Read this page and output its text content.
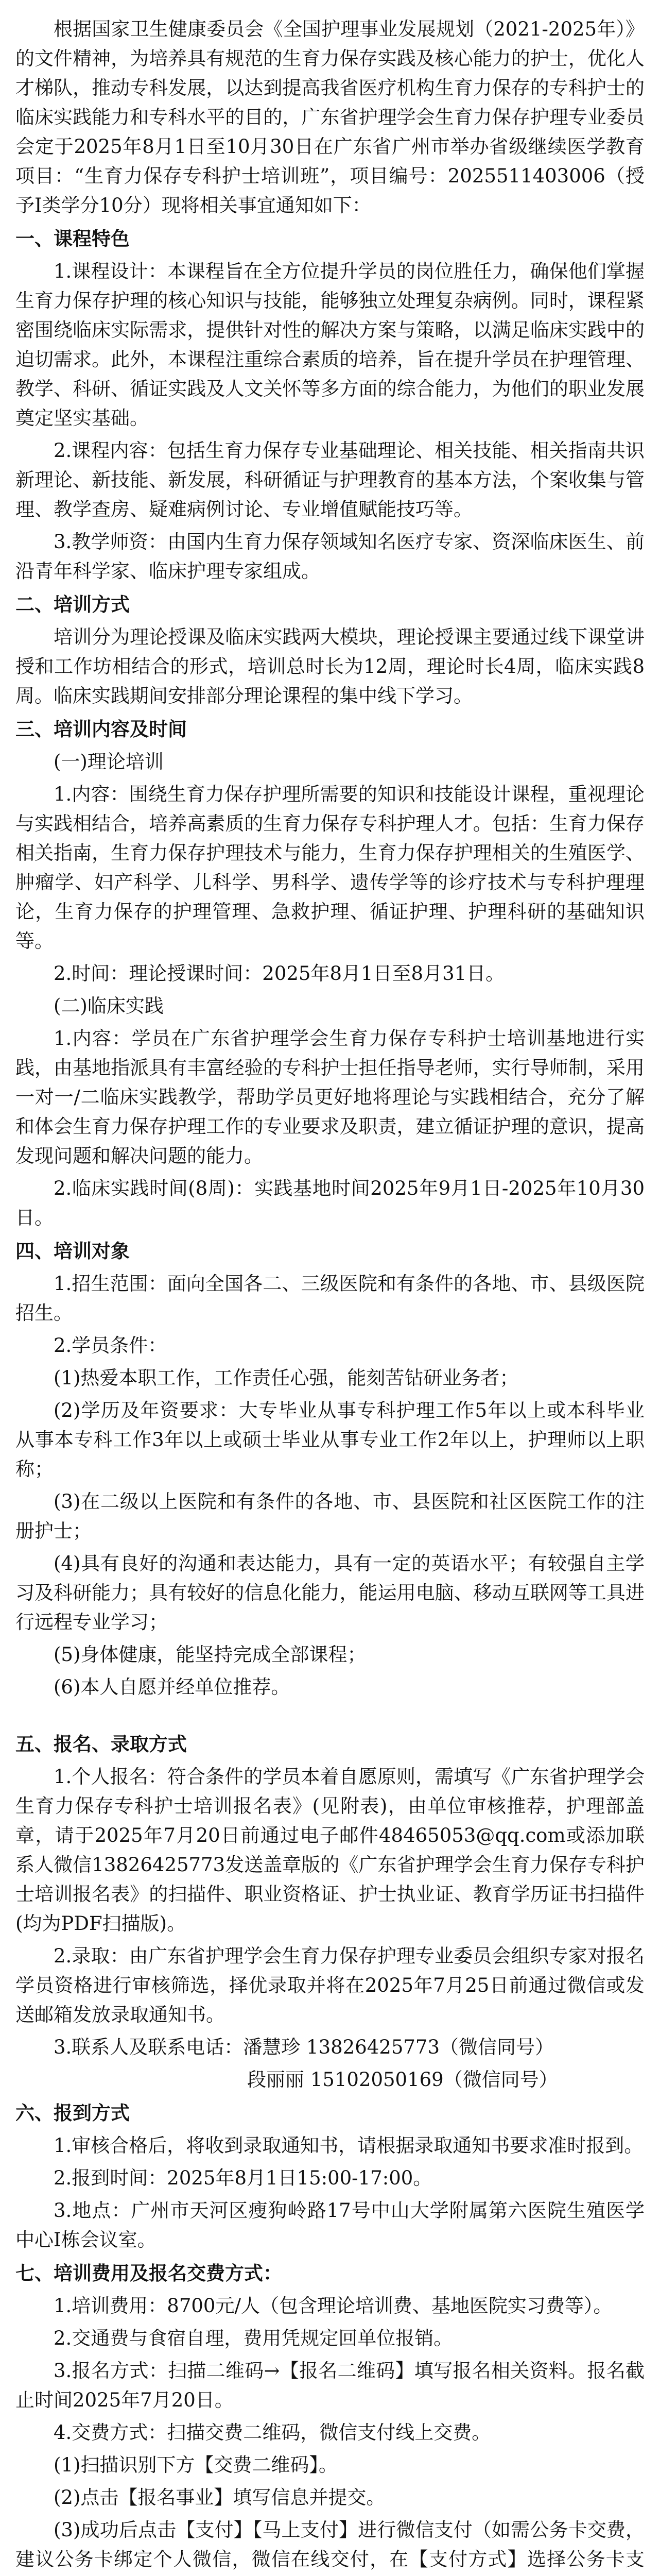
根据国家卫生健康委员会《全国护理事业发展规划（2021-2025年）》的文件精神，为培养具有规范的生育力保存实践及核心能力的护士，优化人才梯队，推动专科发展，以达到提高我省医疗机构生育力保存的专科护士的临床实践能力和专科水平的目的，广东省护理学会生育力保存护理专业委员会定于2025年8月1日至10月30日在广东省广州市举办省级继续医学教育项目：“生育力保存专科护士培训班”，项目编号：2025511403006（授予I类学分10分）现将相关事宜通知如下：

一、课程特色

1.课程设计：本课程旨在全方位提升学员的岗位胜任力，确保他们掌握生育力保存护理的核心知识与技能，能够独立处理复杂病例。同时，课程紧密围绕临床实际需求，提供针对性的解决方案与策略，以满足临床实践中的迫切需求。此外，本课程注重综合素质的培养，旨在提升学员在护理管理、教学、科研、循证实践及人文关怀等多方面的综合能力，为他们的职业发展奠定坚实基础。

2.课程内容：包括生育力保存专业基础理论、相关技能、相关指南共识新理论、新技能、新发展，科研循证与护理教育的基本方法，个案收集与管理、教学查房、疑难病例讨论、专业增值赋能技巧等。

3.教学师资：由国内生育力保存领域知名医疗专家、资深临床医生、前沿青年科学家、临床护理专家组成。

二、培训方式

培训分为理论授课及临床实践两大模块，理论授课主要通过线下课堂讲授和工作坊相结合的形式，培训总时长为12周，理论时长4周，临床实践8周。临床实践期间安排部分理论课程的集中线下学习。

三、培训内容及时间

(一)理论培训

1.内容：围绕生育力保存护理所需要的知识和技能设计课程，重视理论与实践相结合，培养高素质的生育力保存专科护理人才。包括：生育力保存相关指南，生育力保存护理技术与能力，生育力保存护理相关的生殖医学、肿瘤学、妇产科学、儿科学、男科学、遗传学等的诊疗技术与专科护理理论，生育力保存的护理管理、急救护理、循证护理、护理科研的基础知识等。

2.时间：理论授课时间：2025年8月1日至8月31日。

(二)临床实践

1.内容：学员在广东省护理学会生育力保存专科护士培训基地进行实践，由基地指派具有丰富经验的专科护士担任指导老师，实行导师制，采用一对一/二临床实践教学，帮助学员更好地将理论与实践相结合，充分了解和体会生育力保存护理工作的专业要求及职责，建立循证护理的意识，提高发现问题和解决问题的能力。

2.临床实践时间(8周)：实践基地时间2025年9月1日-2025年10月30日。

四、培训对象

1.招生范围：面向全国各二、三级医院和有条件的各地、市、县级医院招生。

2.学员条件：

(1)热爱本职工作，工作责任心强，能刻苦钻研业务者；

(2)学历及年资要求：大专毕业从事专科护理工作5年以上或本科毕业从事本专科工作3年以上或硕士毕业从事专业工作2年以上，护理师以上职称；

(3)在二级以上医院和有条件的各地、市、县医院和社区医院工作的注册护士；

(4)具有良好的沟通和表达能力，具有一定的英语水平；有较强自主学习及科研能力；具有较好的信息化能力，能运用电脑、移动互联网等工具进行远程专业学习；

(5)身体健康，能坚持完成全部课程；

(6)本人自愿并经单位推荐。

五、报名、录取方式

1.个人报名：符合条件的学员本着自愿原则，需填写《广东省护理学会生育力保存专科护士培训报名表》(见附表)，由单位审核推荐，护理部盖章，请于2025年7月20日前通过电子邮件48465053@qq.com或添加联系人微信13826425773发送盖章版的《广东省护理学会生育力保存专科护士培训报名表》的扫描件、职业资格证、护士执业证、教育学历证书扫描件(均为PDF扫描版)。

2.录取：由广东省护理学会生育力保存护理专业委员会组织专家对报名学员资格进行审核筛选，择优录取并将在2025年7月25日前通过微信或发送邮箱发放录取通知书。

3.联系人及联系电话：潘慧珍 13826425773（微信同号）

段丽丽 15102050169（微信同号）

六、报到方式

1.审核合格后，将收到录取通知书，请根据录取通知书要求准时报到。

2.报到时间：2025年8月1日15:00-17:00。

3.地点：广州市天河区瘦狗岭路17号中山大学附属第六医院生殖医学中心I栋会议室。

七、培训费用及报名交费方式：

1.培训费用：8700元/人（包含理论培训费、基地医院实习费等）。

2.交通费与食宿自理，费用凭规定回单位报销。

3.报名方式：扫描二维码→【报名二维码】填写报名相关资料。报名截止时间2025年7月20日。

4.交费方式：扫描交费二维码，微信支付线上交费。

(1)扫描识别下方【交费二维码】。

(2)点击【报名事业】填写信息并提交。

(3)成功后点击【支付】【马上支付】进行微信支付（如需公务卡交费，建议公务卡绑定个人微信，微信在线交付，在【支付方式】选择公务卡支
